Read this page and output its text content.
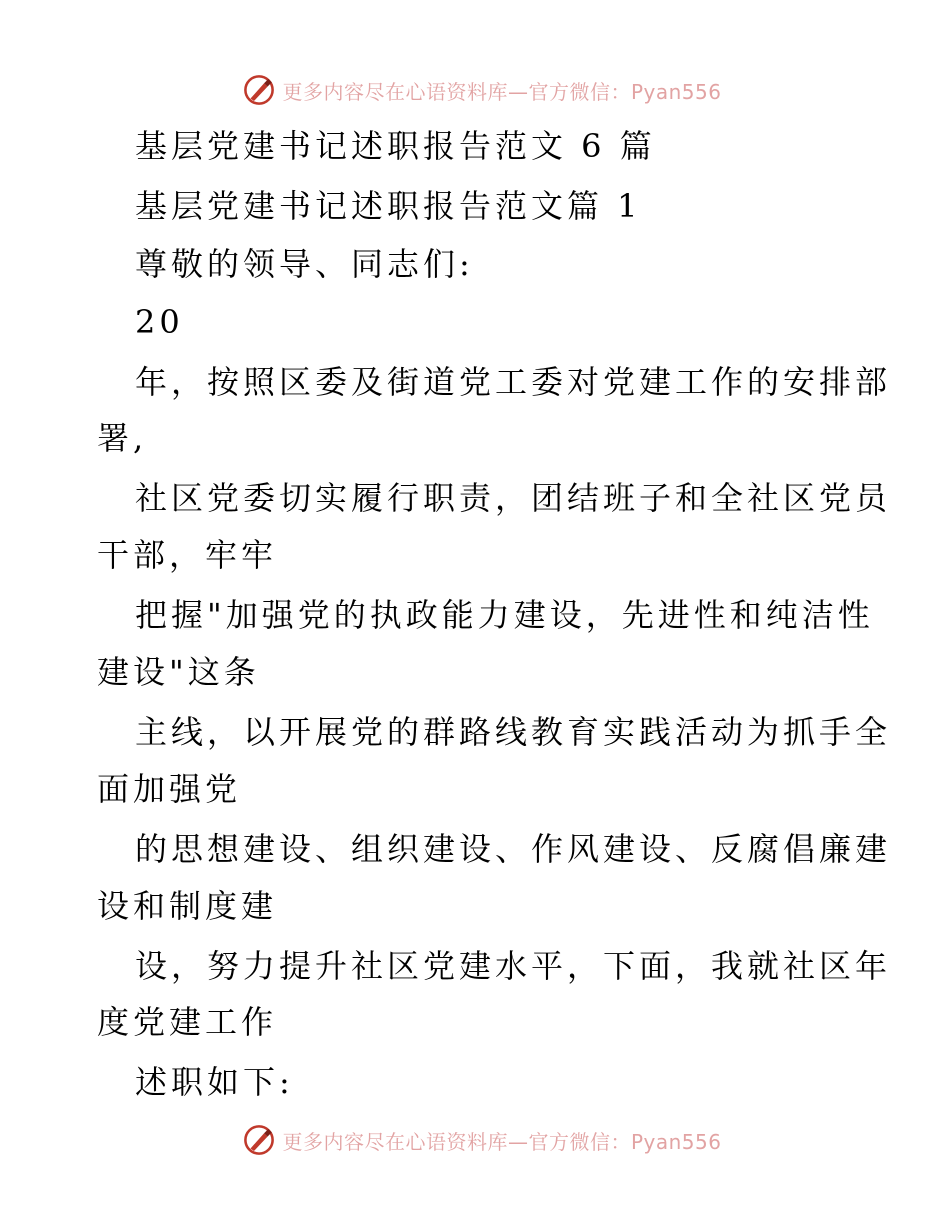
更多内容尽在心语资料库—官方微信：Pyan556
基层党建书记述职报告范文 6 篇
基层党建书记述职报告范文篇 1
尊敬的领导、同志们:
20
年，按照区委及街道党工委对党建工作的安排部
署,
社区党委切实履行职责，团结班子和全社区党员
干部，牢牢
把握"加强党的执政能力建设，先进性和纯洁性
建设"这条
主线，以开展党的群路线教育实践活动为抓手全
面加强党
的思想建设、组织建设、作风建设、反腐倡廉建
设和制度建
设，努力提升社区党建水平，下面，我就社区年
度党建工作
述职如下:
更多内容尽在心语资料库—官方微信：Pyan556
